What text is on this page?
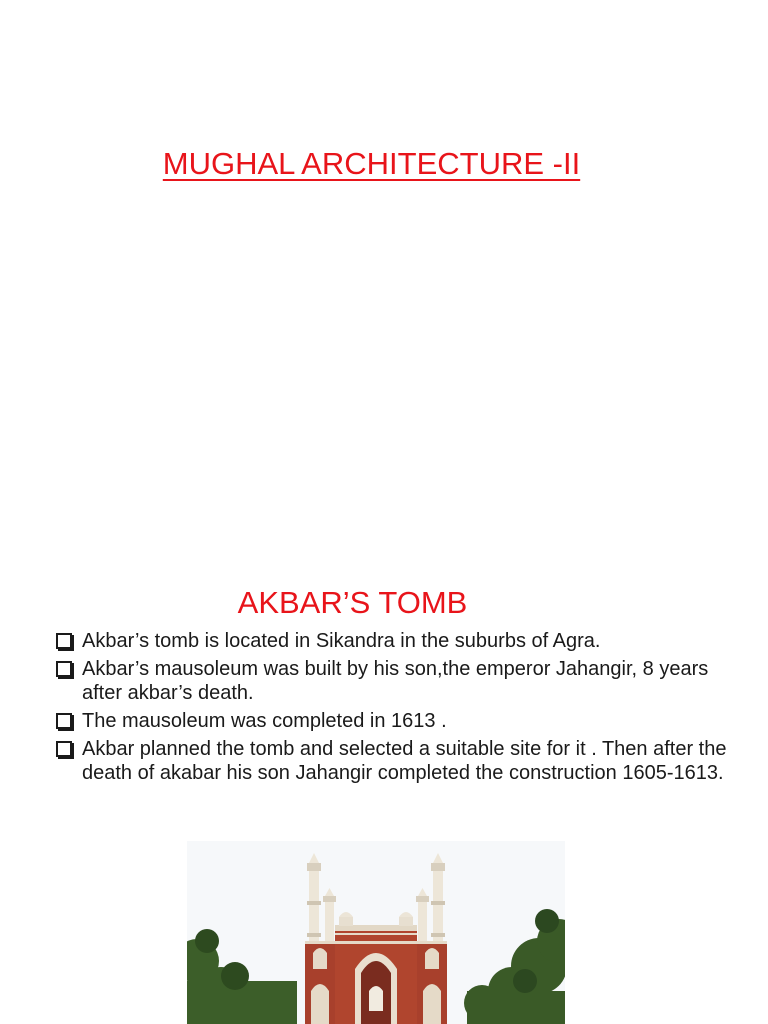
MUGHAL ARCHITECTURE -II
AKBAR’S TOMB
Akbar’s tomb is located in Sikandra in the suburbs of Agra.
Akbar’s mausoleum was built by his son,the emperor Jahangir, 8 years after akbar’s death.
The mausoleum was completed in 1613 .
Akbar planned the tomb and selected a suitable site for it . Then after the death of akabar his son Jahangir completed the construction 1605-1613.
